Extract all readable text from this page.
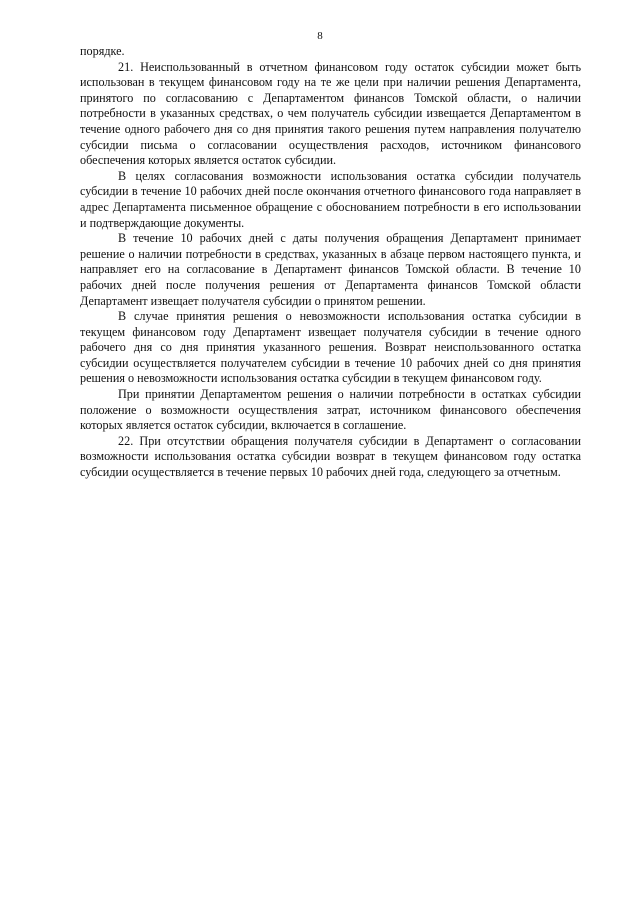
8

порядке.

21. Неиспользованный в отчетном финансовом году остаток субсидии может быть использован в текущем финансовом году на те же цели при наличии решения Департамента, принятого по согласованию с Департаментом финансов Томской области, о наличии потребности в указанных средствах, о чем получатель субсидии извещается Департаментом в течение одного рабочего дня со дня принятия такого решения путем направления получателю субсидии письма о согласовании осуществления расходов, источником финансового обеспечения которых является остаток субсидии.

В целях согласования возможности использования остатка субсидии получатель субсидии в течение 10 рабочих дней после окончания отчетного финансового года направляет в адрес Департамента письменное обращение с обоснованием потребности в его использовании и подтверждающие документы.

В течение 10 рабочих дней с даты получения обращения Департамент принимает решение о наличии потребности в средствах, указанных в абзаце первом настоящего пункта, и направляет его на согласование в Департамент финансов Томской области. В течение 10 рабочих дней после получения решения от Департамента финансов Томской области Департамент извещает получателя субсидии о принятом решении.

В случае принятия решения о невозможности использования остатка субсидии в текущем финансовом году Департамент извещает получателя субсидии в течение одного рабочего дня со дня принятия указанного решения. Возврат неиспользованного остатка субсидии осуществляется получателем субсидии в течение 10 рабочих дней со дня принятия решения о невозможности использования остатка субсидии в текущем финансовом году.

При принятии Департаментом решения о наличии потребности в остатках субсидии положение о возможности осуществления затрат, источником финансового обеспечения которых является остаток субсидии, включается в соглашение.

22. При отсутствии обращения получателя субсидии в Департамент о согласовании возможности использования остатка субсидии возврат в текущем финансовом году остатка субсидии осуществляется в течение первых 10 рабочих дней года, следующего за отчетным.
